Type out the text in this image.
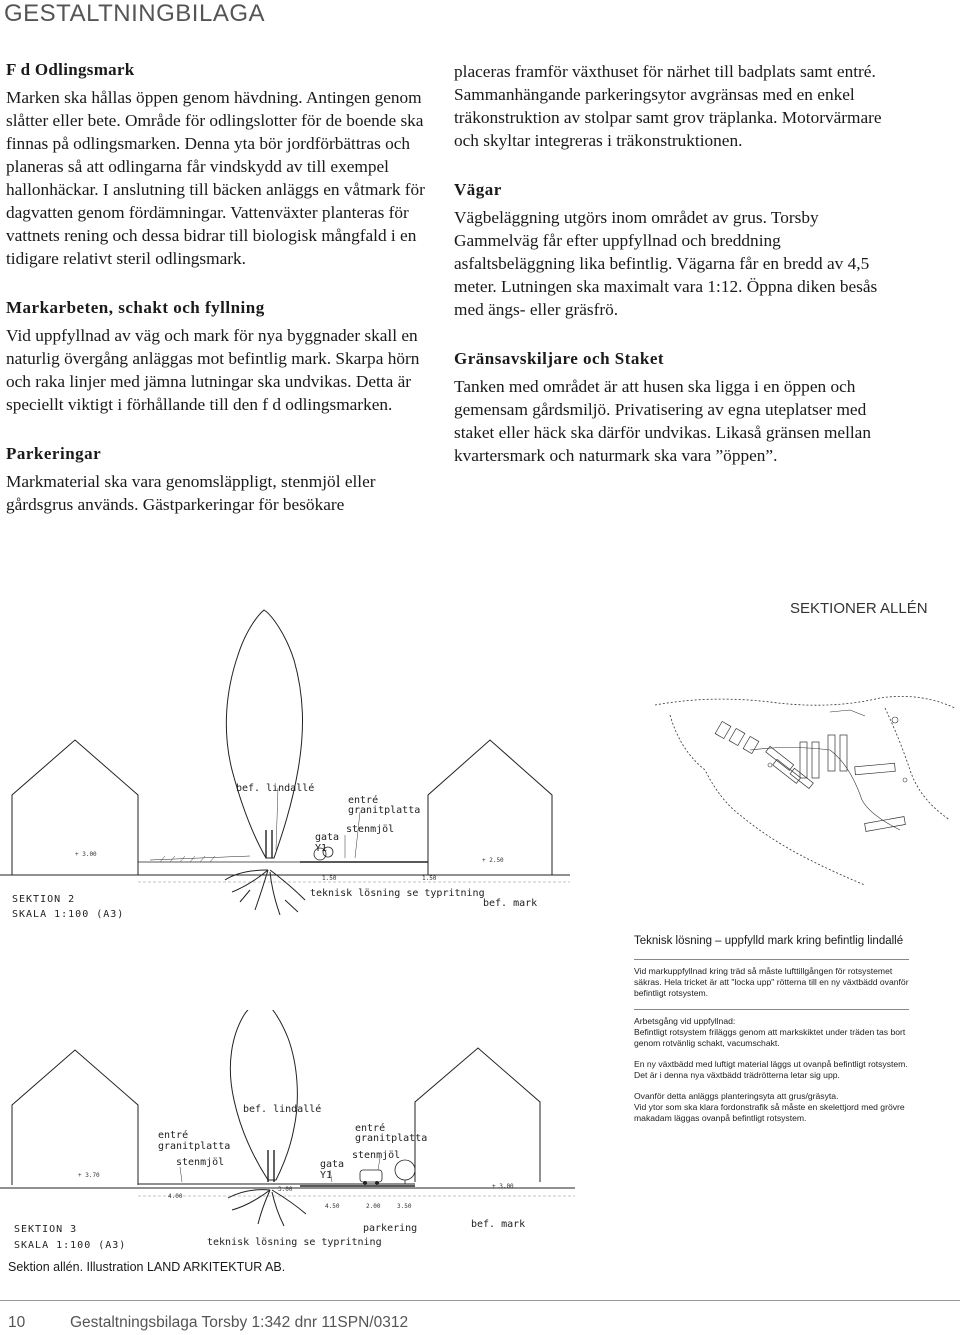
GESTALTNINGBILAGA

F d Odlingsmark

Marken ska hållas öppen genom hävdning. Antingen genom slåtter eller bete. Område för odlingslotter för de boende ska finnas på odlingsmarken. Denna yta bör jordförbättras och planeras så att odlingarna får vindskydd av till exempel hallonhäckar. I anslutning till bäcken anläggs en våtmark för dagvatten genom fördämningar. Vattenväxter planteras för vattnets rening och dessa bidrar till biologisk mångfald i en tidigare relativt steril odlingsmark.

Markarbeten, schakt och fyllning

Vid uppfyllnad av väg och mark för nya byggnader skall en naturlig övergång anläggas mot befintlig mark. Skarpa hörn och raka linjer med jämna lutningar ska undvikas. Detta är speciellt viktigt i förhållande till den f d odlingsmarken.

Parkeringar

Markmaterial ska vara genomsläppligt, stenmjöl eller gårdsgrus används. Gästparkeringar för besökare

placeras framför växthuset för närhet till badplats samt entré. Sammanhängande parkeringsytor avgränsas med en enkel träkonstruktion av stolpar samt grov träplanka. Motorvärmare och skyltar integreras i träkonstruktionen.

Vägar

Vägbeläggning utgörs inom området av grus. Torsby Gammelväg får efter uppfyllnad och breddning asfaltsbeläggning lika befintlig. Vägarna får en bredd av 4,5 meter. Lutningen ska maximalt vara 1:12. Öppna diken besås med ängs- eller gräsfrö.

Gränsavskiljare och Staket

Tanken med området är att husen ska ligga i en öppen och gemensam gårdsmiljö. Privatisering av egna uteplatser med staket eller häck ska därför undvikas. Likaså gränsen mellan kvartersmark och naturmark ska vara ”öppen”.

SEKTIONER ALLÉN
bef. lindallé
entré
granitplatta
stenmjöl
gata
Y1
teknisk lösning se typritning
bef. mark
+ 3.00
+ 2.50
1.50	1.50
SEKTION 2
SKALA 1:100 (A3)
bef. lindallé
entré
granitplatta
stenmjöl	gata
Y1
entré
granitplatta
stenmjöl
teknisk lösning se typritning
parkering	bef. mark
+ 3.70
+ 3.00
3.00
4.00
4.50	2.00	3.50
SEKTION 3
SKALA 1:100 (A3)

Teknisk lösning – uppfylld mark kring befintlig lindallé

Vid markuppfyllnad kring träd så måste lufttillgången för rotsystemet säkras. Hela tricket är att "locka upp" rötterna till en ny växtbädd ovanför befintligt rotsystem.

Arbetsgång vid uppfyllnad:
Befintligt rotsystem friläggs genom att markskiktet under träden tas bort genom rotvänlig schakt, vacumschakt.

En ny växtbädd med luftigt material läggs ut ovanpå befintligt rotsystem. Det är i denna nya växtbädd trädrötterna letar sig upp.

Ovanför detta anläggs planteringsyta att grus/gräsyta.
Vid ytor som ska klara fordonstrafik så måste en skelettjord med grövre makadam läggas ovanpå befintligt rotsystem.

Sektion allén. Illustration LAND ARKITEKTUR AB.
10	Gestaltningsbilaga Torsby 1:342 dnr 11SPN/0312
